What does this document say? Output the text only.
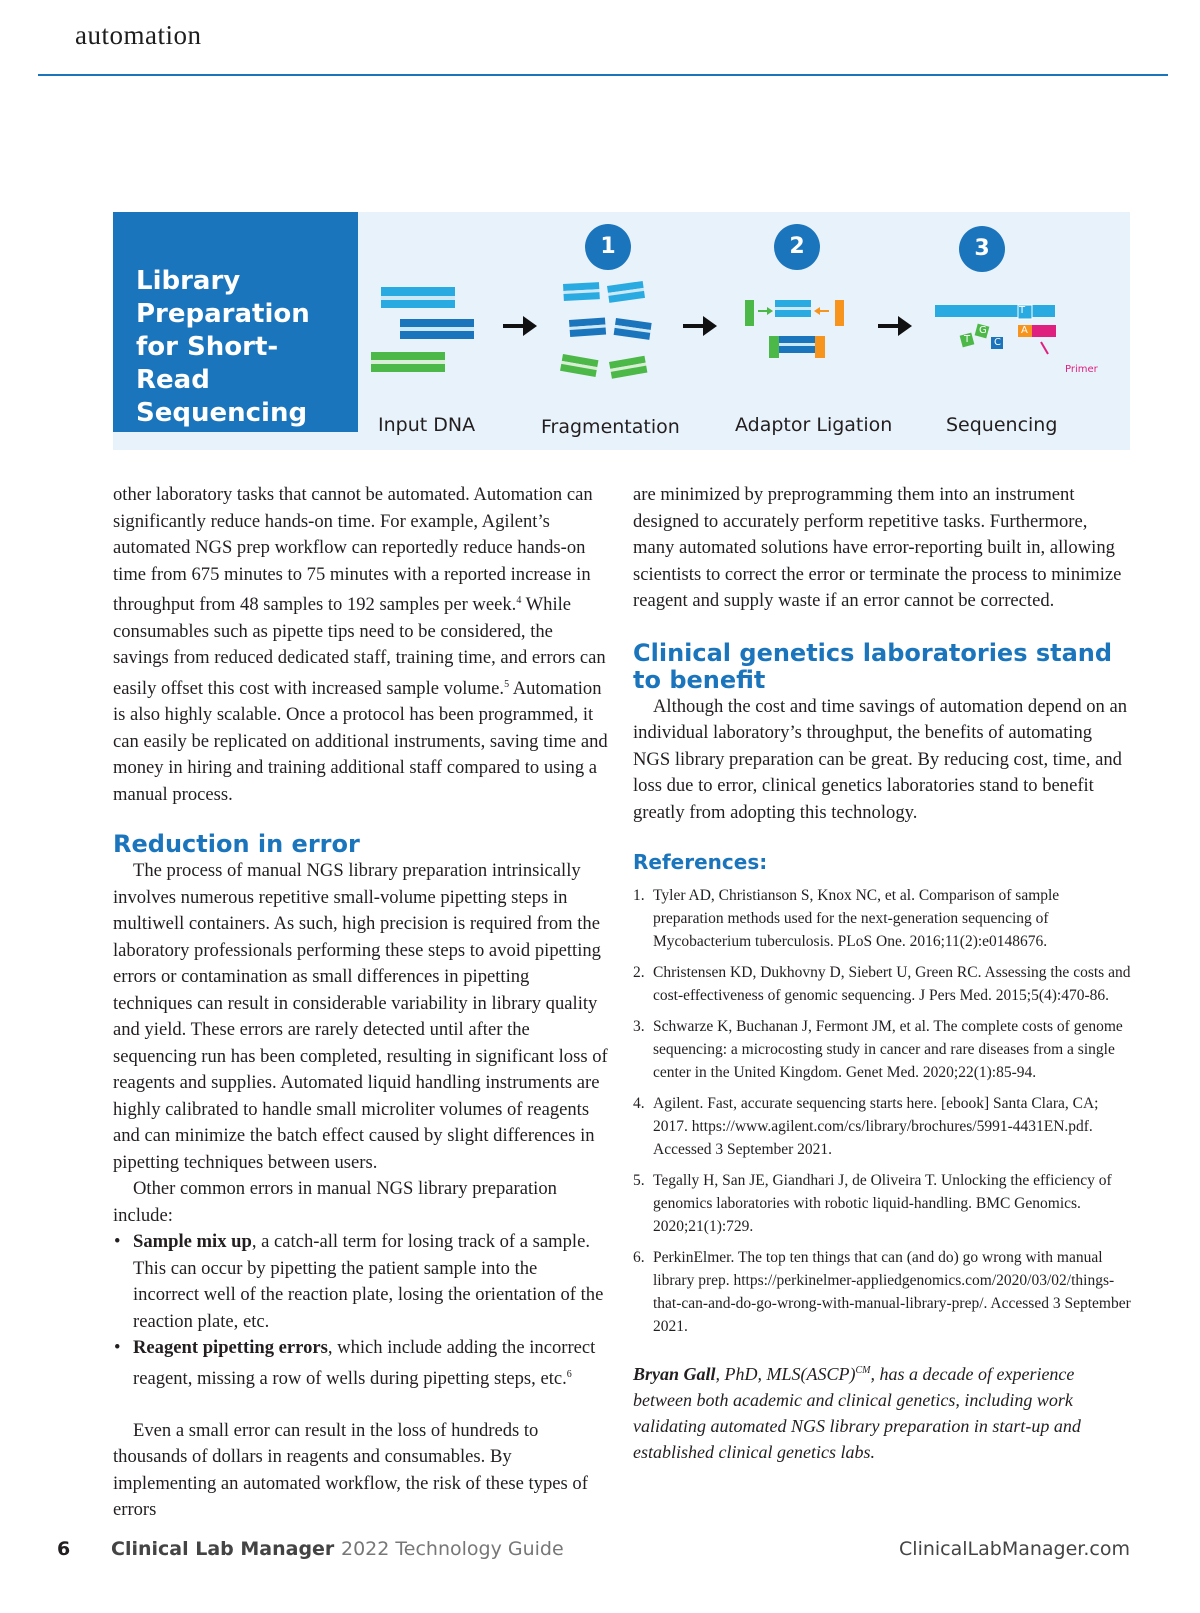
automation
Library Preparation for Short-Read Sequencing
T
G
C
A
T
Primer
1	2	3
Input DNA	Fragmentation	Adaptor Ligation	Sequencing

other laboratory tasks that cannot be automated. Automation can significantly reduce hands-on time. For example, Agilent’s automated NGS prep workflow can reportedly reduce hands-on time from 675 minutes to 75 minutes with a reported increase in throughput from 48 samples to 192 samples per week.$^4$ While consumables such as pipette tips need to be considered, the savings from reduced dedicated staff, training time, and errors can easily offset this cost with increased sample volume.$^5$ Automation is also highly scalable. Once a protocol has been programmed, it can easily be replicated on additional instruments, saving time and money in hiring and training additional staff compared to using a manual process.

Reduction in error

The process of manual NGS library preparation intrinsically involves numerous repetitive small-volume pipetting steps in multiwell containers. As such, high precision is required from the laboratory professionals performing these steps to avoid pipetting errors or contamination as small differences in pipetting techniques can result in considerable variability in library quality and yield. These errors are rarely detected until after the sequencing run has been completed, resulting in significant loss of reagents and supplies. Automated liquid handling instruments are highly calibrated to handle small microliter volumes of reagents and can minimize the batch effect caused by slight differences in pipetting techniques between users.

Other common errors in manual NGS library preparation include:

• Sample mix up, a catch-all term for losing track of a sample. This can occur by pipetting the patient sample into the incorrect well of the reaction plate, losing the orientation of the reaction plate, etc.
• Reagent pipetting errors, which include adding the incorrect reagent, missing a row of wells during pipetting steps, etc.$^6$

Even a small error can result in the loss of hundreds to thousands of dollars in reagents and consumables. By implementing an automated workflow, the risk of these types of errors

are minimized by preprogramming them into an instrument designed to accurately perform repetitive tasks. Furthermore, many automated solutions have error-reporting built in, allowing scientists to correct the error or terminate the process to minimize reagent and supply waste if an error cannot be corrected.

Clinical genetics laboratories stand to benefit

Although the cost and time savings of automation depend on an individual laboratory’s throughput, the benefits of automating NGS library preparation can be great. By reducing cost, time, and loss due to error, clinical genetics laboratories stand to benefit greatly from adopting this technology.

References:
1. Tyler AD, Christianson S, Knox NC, et al. Comparison of sample preparation methods used for the next-generation sequencing of Mycobacterium tuberculosis. PLoS One. 2016;11(2):e0148676.
2. Christensen KD, Dukhovny D, Siebert U, Green RC. Assessing the costs and cost-effectiveness of genomic sequencing. J Pers Med. 2015;5(4):470-86.
3. Schwarze K, Buchanan J, Fermont JM, et al. The complete costs of genome sequencing: a microcosting study in cancer and rare diseases from a single center in the United Kingdom. Genet Med. 2020;22(1):85-94.
4. Agilent. Fast, accurate sequencing starts here. [ebook] Santa Clara, CA; 2017. https://www.agilent.com/cs/library/brochures/5991-4431EN.pdf. Accessed 3 September 2021.
5. Tegally H, San JE, Giandhari J, de Oliveira T. Unlocking the efficiency of genomics laboratories with robotic liquid-handling. BMC Genomics. 2020;21(1):729.
6. PerkinElmer. The top ten things that can (and do) go wrong with manual library prep. https://perkinelmer-appliedgenomics.com/2020/03/02/things-that-can-and-do-go-wrong-with-manual-library-prep/. Accessed 3 September 2021.

Bryan Gall, PhD, MLS(ASCP)$^{CM}$, has a decade of experience between both academic and clinical genetics, including work validating automated NGS library preparation in start-up and established clinical genetics labs.

6 Clinical Lab Manager 2022 Technology Guide	ClinicalLabManager.com
